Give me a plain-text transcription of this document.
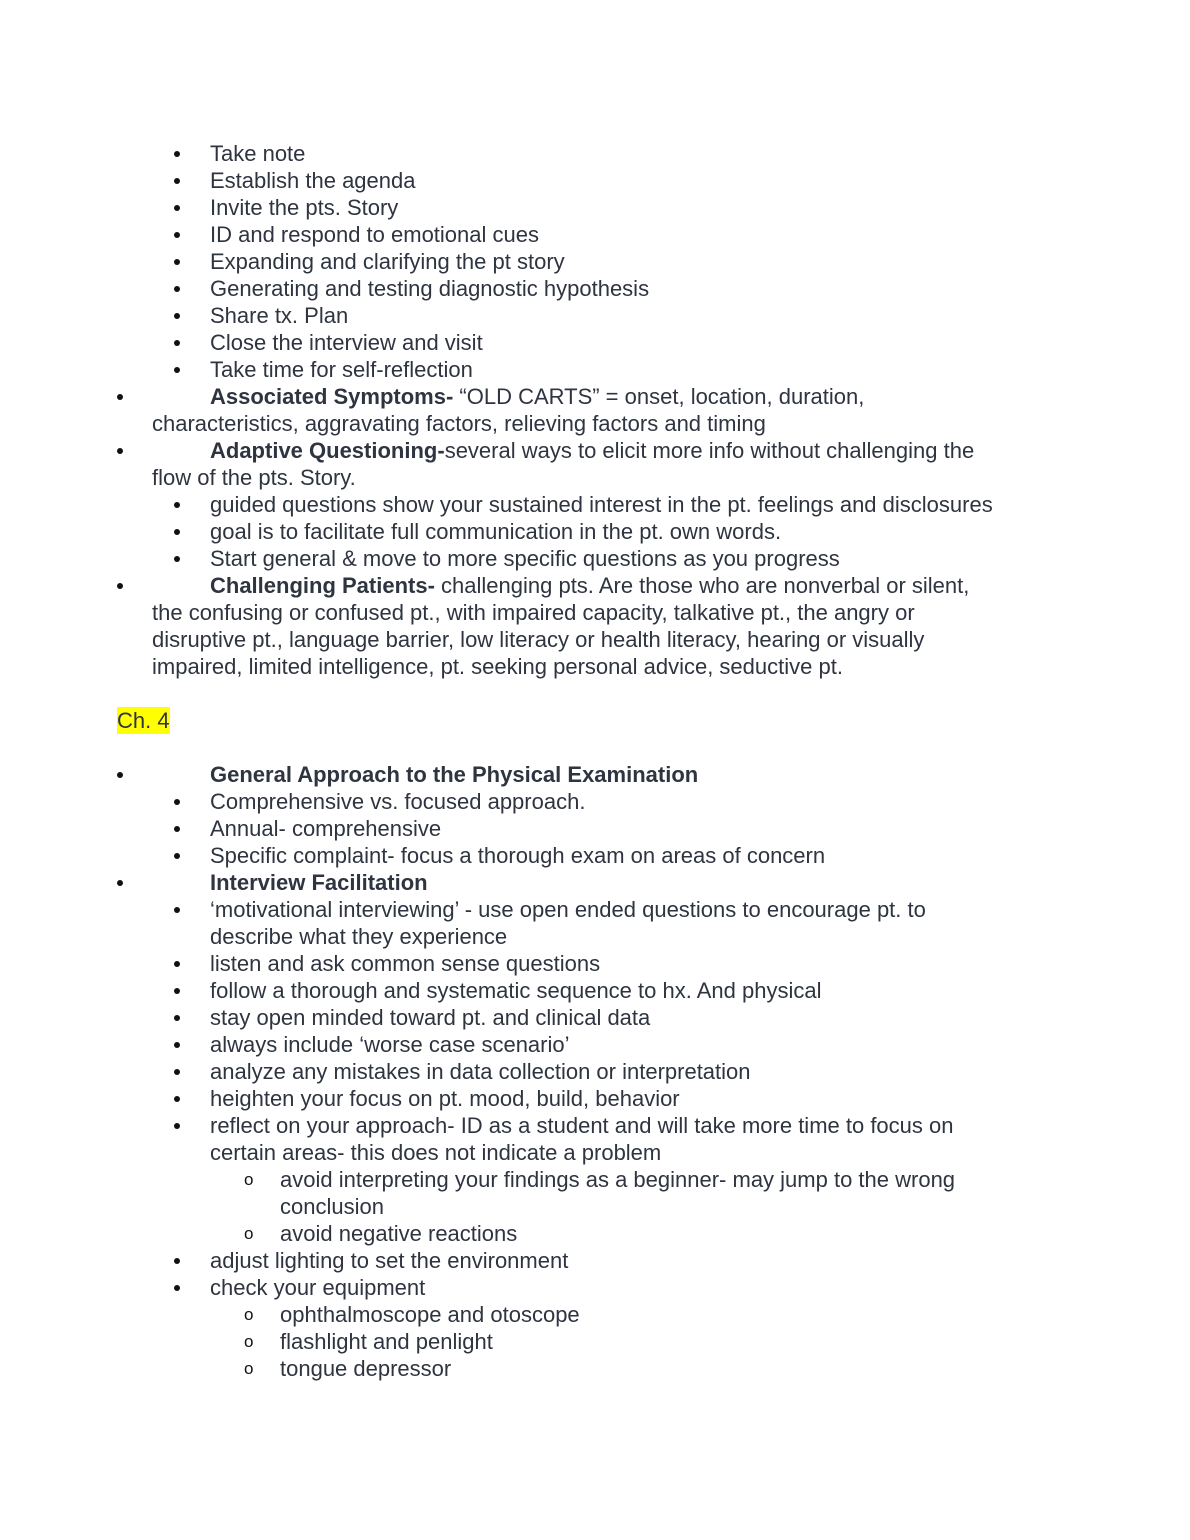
Take note
Establish the agenda
Invite the pts. Story
ID and respond to emotional cues
Expanding and clarifying the pt story
Generating and testing diagnostic hypothesis
Share tx. Plan
Close the interview and visit
Take time for self-reflection
Associated Symptoms- “OLD CARTS” = onset, location, duration,
characteristics, aggravating factors, relieving factors and timing
Adaptive Questioning-several ways to elicit more info without challenging the
flow of the pts. Story.
guided questions show your sustained interest in the pt. feelings and disclosures
goal is to facilitate full communication in the pt. own words.
Start general & move to more specific questions as you progress
Challenging Patients- challenging pts. Are those who are nonverbal or silent,
the confusing or confused pt., with impaired capacity, talkative pt., the angry or disruptive pt., language barrier, low literacy or health literacy, hearing or visually impaired, limited intelligence, pt. seeking personal advice, seductive pt.
Ch. 4
General Approach to the Physical Examination
Comprehensive vs. focused approach.
Annual- comprehensive
Specific complaint- focus a thorough exam on areas of concern
Interview Facilitation
‘motivational interviewing’ - use open ended questions to encourage pt. to describe what they experience
listen and ask common sense questions
follow a thorough and systematic sequence to hx. And physical
stay open minded toward pt. and clinical data
always include ‘worse case scenario’
analyze any mistakes in data collection or interpretation
heighten your focus on pt. mood, build, behavior
reflect on your approach- ID as a student and will take more time to focus on certain areas- this does not indicate a problem
o avoid interpreting your findings as a beginner- may jump to the wrong conclusion
o avoid negative reactions
adjust lighting to set the environment
check your equipment
o ophthalmoscope and otoscope
o flashlight and penlight
o tongue depressor
